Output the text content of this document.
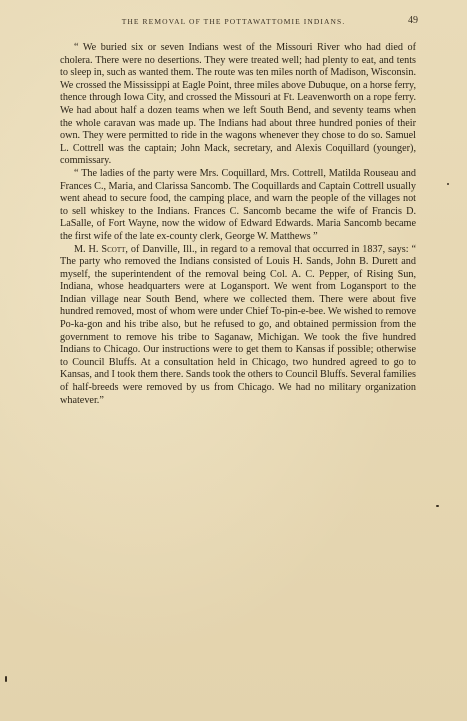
THE REMOVAL OF THE POTTAWATTOMIE INDIANS.	49

“ We buried six or seven Indians west of the Missouri River who had died of cholera. There were no desertions. They were treated well; had plenty to eat, and tents to sleep in, such as wanted them. The route was ten miles north of Madison, Wisconsin. We crossed the Mississippi at Eagle Point, three miles above Dubuque, on a horse ferry, thence through Iowa City, and crossed the Missouri at Ft. Leavenworth on a rope ferry. We had about half a dozen teams when we left South Bend, and seventy teams when the whole caravan was made up. The Indians had about three hundred ponies of their own. They were permitted to ride in the wagons whenever they chose to do so. Samuel L. Cottrell was the captain; John Mack, secretary, and Alexis Coquillard (younger), commissary.

“ The ladies of the party were Mrs. Coquillard, Mrs. Cottrell, Matilda Rouseau and Frances C., Maria, and Clarissa Sancomb. The Coquillards and Captain Cottrell usually went ahead to secure food, the camping place, and warn the people of the villages not to sell whiskey to the Indians. Frances C. Sancomb became the wife of Francis D. LaSalle, of Fort Wayne, now the widow of Edward Edwards. Maria Sancomb became the first wife of the late ex-county clerk, George W. Matthews ”

M. H. Scott, of Danville, Ill., in regard to a removal that occurred in 1837, says: “ The party who removed the Indians consisted of Louis H. Sands, John B. Durett and myself, the superintendent of the removal being Col. A. C. Pepper, of Rising Sun, Indiana, whose headquarters were at Logansport. We went from Logansport to the Indian village near South Bend, where we collected them. There were about five hundred removed, most of whom were under Chief To-pin-e-bee. We wished to remove Po-ka-gon and his tribe also, but he refused to go, and obtained permission from the government to remove his tribe to Saganaw, Michigan. We took the five hundred Indians to Chicago. Our instructions were to get them to Kansas if possible; otherwise to Council Bluffs. At a consultation held in Chicago, two hundred agreed to go to Kansas, and I took them there. Sands took the others to Council Bluffs. Several families of half-breeds were removed by us from Chicago. We had no military organization whatever.”
